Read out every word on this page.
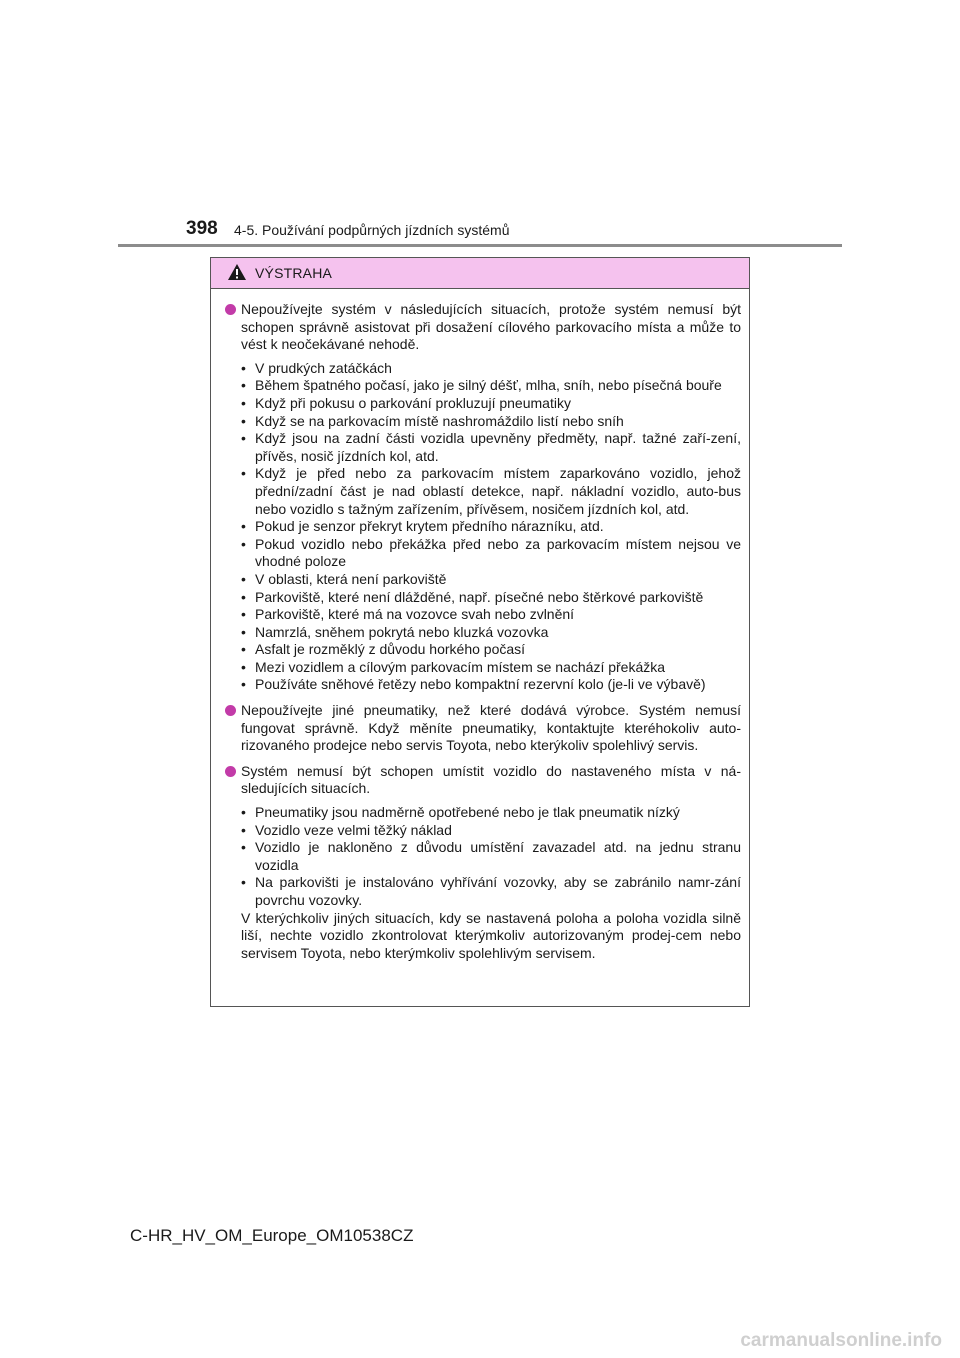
398 4-5. Používání podpůrných jízdních systémů
VÝSTRAHA

Nepoužívejte systém v následujících situacích, protože systém nemusí být schopen správně asistovat při dosažení cílového parkovacího místa a může to vést k neočekávané nehodě.

• V prudkých zatáčkách
• Během špatného počasí, jako je silný déšť, mlha, sníh, nebo písečná bouře
• Když při pokusu o parkování prokluzují pneumatiky
• Když se na parkovacím místě nashromáždilo listí nebo sníh
• Když jsou na zadní části vozidla upevněny předměty, např. tažné zaří-zení, přívěs, nosič jízdních kol, atd.
• Když je před nebo za parkovacím místem zaparkováno vozidlo, jehož přední/zadní část je nad oblastí detekce, např. nákladní vozidlo, auto-bus nebo vozidlo s tažným zařízením, přívěsem, nosičem jízdních kol, atd.
• Pokud je senzor překryt krytem předního nárazníku, atd.
• Pokud vozidlo nebo překážka před nebo za parkovacím místem nejsou ve vhodné poloze
• V oblasti, která není parkoviště
• Parkoviště, které není dlážděné, např. písečné nebo štěrkové parkoviště
• Parkoviště, které má na vozovce svah nebo zvlnění
• Namrzlá, sněhem pokrytá nebo kluzká vozovka
• Asfalt je rozměklý z důvodu horkého počasí
• Mezi vozidlem a cílovým parkovacím místem se nachází překážka
• Používáte sněhové řetězy nebo kompaktní rezervní kolo (je-li ve výbavě)

Nepoužívejte jiné pneumatiky, než které dodává výrobce. Systém nemusí fungovat správně. Když měníte pneumatiky, kontaktujte kteréhokoliv auto-rizovaného prodejce nebo servis Toyota, nebo kterýkoliv spolehlivý servis.

Systém nemusí být schopen umístit vozidlo do nastaveného místa v ná-sledujících situacích.

• Pneumatiky jsou nadměrně opotřebené nebo je tlak pneumatik nízký
• Vozidlo veze velmi těžký náklad
• Vozidlo je nakloněno z důvodu umístění zavazadel atd. na jednu stranu vozidla
• Na parkovišti je instalováno vyhřívání vozovky, aby se zabránilo namr-zání povrchu vozovky.

V kterýchkoliv jiných situacích, kdy se nastavená poloha a poloha vozidla silně liší, nechte vozidlo zkontrolovat kterýmkoliv autorizovaným prodej-cem nebo servisem Toyota, nebo kterýmkoliv spolehlivým servisem.

C-HR_HV_OM_Europe_OM10538CZ
carmanualsonline.info
